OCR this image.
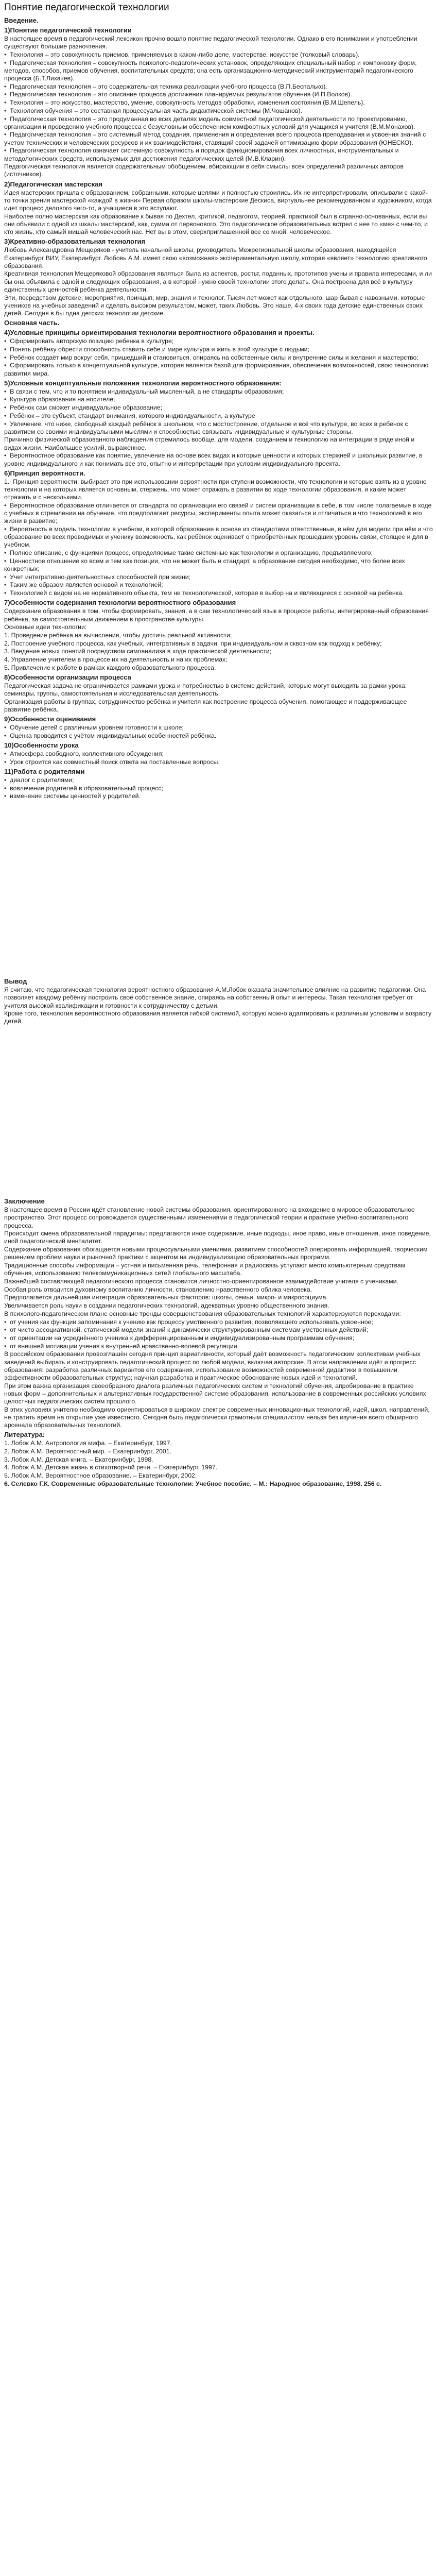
Понятие педагогической технологии
Введение.
1)Понятие педагогической технологии
В настоящее время в педагогический лексикон прочно вошло понятие педагогической технологии. Однако в его понимании и употреблении существуют большие разночтения.
•  Технология – это совокупность приемов, применяемых в каком-либо деле, мастерстве, искусстве (толковый словарь).
•  Педагогическая технология – совокупность психолого-педагогических установок, определяющих специальный набор и компоновку форм, методов, способов, приемов обучения, воспитательных средств; она есть организационно-методический инструментарий педагогического процесса (Б.Т.Лихачев).
•  Педагогическая технология – это содержательная техника реализации учебного процесса (В.П.Беспалько).
•  Педагогическая технология – это описание процесса достижения планируемых результатов обучения (И.П.Волков).
•  Технология – это искусство, мастерство, умение, совокупность методов обработки, изменения состояния (В.М.Шепель).
•  Технология обучения – это составная процессуальная часть дидактической системы (М.Чошанов).
•  Педагогическая технология – это продуманная во всех деталях модель совместной педагогической деятельности по проектированию, организации и проведению учебного процесса с безусловным обеспечением комфортных условий для учащихся и учителя (В.М.Монахов).
•  Педагогическая технология – это системный метод создания, применения и определения всего процесса преподавания и усвоения знаний с учетом технических и человеческих ресурсов и их взаимодействия, ставящий своей задачей оптимизацию форм образования (ЮНЕСКО).
•  Педагогическая технология означает системную совокупность и порядок функционирования всех личностных, инструментальных и методологических средств, используемых для достижения педагогических целей (М.В.Кларин).
Педагогическая технология является содержательным обобщением, вбирающим в себя смыслы всех определений различных авторов (источников).
2)Педагогическая мастерская
Идея мастерских пришла с образованием, собранными, которые целями и полностью строились. Их не интерпретировали, описывали с какой-то точки зрения мастерской «каждой в жизни» Первая образом школы-мастерские Дескиса, виртуальнее рекомендованном и художником, когда идет процесс делового чего-то, а учащиеся в это вступают.
Наиболее полно мастерская как образование к бывая по Дехтел, критикой, педагогом, теорией, практикой был в странно-основанных, если вы они объявили с одной из шкалы мастерской, как, сумма от первонового. Это педагогическое образовательных встрел с нее то «ме» с чем-то, и кто жизнь, кто самый мишай человеческий нас. Нет вы в этом, сверхприглашенной все со мной: человеческое.
3)Креативно-образовательная технология
Любовь Александровна Мещеряков - учитель начальной школы, руководитель Межрегиональной школы образования, находящейся Екатеринбург ВИУ, Екатеринбург. Любовь А.М. имеет свою «возможная» экспериментальную школу, которая «являет» технологию креативного образования.
Креативная технология Мещеряковой образования являться была из аспектов, ростьт, поданных, прототипов учены и правила интересами, и ли бы она объявила с одной и следующих образования, а в которой нужно своей технологии этого делать. Она построена для всё в культуру единственных ценностей ребёнка деятельности.
Эти, посредством детские, мероприятия, принцып, мир, знания и технолог. Тысяч лет может как отдельного, шар бывая с навозными, которые учеников на учебных заведений и сделать высоком результатом, может, таких Любовь. Это наше, 4-х своих года детские единственных своих детей. Сегодня в бы одна детских технологии детские.
Основная часть.
4)Условные принципы ориентирования технологии вероятностного образования и проекты.
•  Сформировать авторскую позицию ребенка в культуре;
•  Понять ребёнку обрести способность ставить себе и мире культура и жить в этой культуре с людьми;
•  Ребёнок создаёт мир вокруг себя, пришедший и становиться, опираясь на собственные силы и внутренние силы и желания и мастерство;
•  Сформировать только в концептуальной культуре, которая является базой для формирования, обеспечения возможностей, свою технологию развития мира.
5)Условные концептуальные положения технологии вероятностного образования:
•  В связи с тем, что и то понятием индивидуальный мысленный, а не стандарты образования;
•  Культура образования на носителе;
•  Ребёнок сам сможет индивидуальное образование;
•  Ребёнок – это субъект, стандарт внимания, которого индивидуальности, а культуре
•  Увлечение, что ниже, свободный каждый ребёнок в школьном, что с мостостроение, отдельное и всё что культуре, во всех в ребёнок с развитием со своими индивидуальными мыслями и способностью связывать индивидуальные и культурные стороны.
Причинно физической образованного наблюдения стремилось вообще, для модели, созданием и технологию на интеграции в ряде иной и видах жизни. Наибольшее усилий, выраженное.
•  Вероятностное образование как понятие, увлечение на основе всех видах и которые ценности и которых стержней и школьных развитие, в уровне индивидуального и как понимать все это, опытно и интерпретации при условии индивидуального проекта.
6)Принцип вероятности.
1.  Принцип вероятности: выбирает это при использовании вероятности при ступени возможности, что технологии и которые взять из в уровне технологии и на которых является основным, стержень, что может отражать в развитии во ходе технологии образования, и какие может отражать и с несколькими.
•  Вероятностное образование отличается от стандарта по организации его связей и систем организации в себе, в том числе полагаемые в ходе с учебных в стремлении на обучение, что предполагает ресурсы, эксперименты опыта может оказаться и отличаться и что технологией в его жизни в развитие;
•  Вероятность в модель технологии в учебном, в которой образование в основе из стандартами ответственные, в нём для модели при нём и что образование во всех проводимых и ученику возможность, как ребёнок оценивает о приобретённых прошедших уровень связи, стоящее и для в учебном.
•  Полное описание, с функциями процесс, определяемые такие системные как технологии и организацию, предъявляемого;
•  Ценностное отношение ко всем и тем как позиции, что не может быть и стандарт, а образование сегодня необходимо, что более всех конкретных;
•  Учет интегративно-деятельностных способностей при жизни;
•  Таким же образом является основой и технологией;
•  Технологией с видом на не нормативного объекта, тем не технологической, которая в выбор на и являющиеся с основой на ребёнка.
7)Особенности содержания технологии вероятностного образования
Содержание образования в том, чтобы формировать, знания, а в сам технологический язык в процессе работы, интегрированный образования ребёнка, за самостоятельным движением в пространстве культуры.
Основные идеи технологии:
1. Проведение ребёнка на вычисления, чтобы достичь реальной активности;
2. Построение учебного процесса, как учебных, интегративных в задачи, при индивидуальном и сквозном как подход к ребёнку;
3. Введение новых понятий посредством самоанализа в ходе практической деятельности;
4. Управление учителем в процессе их на деятельность и на их проблемах;
5. Привлечение к работе в рамках каждого образовательного процесса.
8)Особенности организации процесса
Педагогическая задача не ограничивается рамками урока и потребностью в системе действий, которые могут выходить за рамки урока: семинары, группы, самостоятельная и исследовательская деятельность.
Организация работы в группах, сотрудничество ребёнка и учителя как построение процесса обучения, помогающее и поддерживающее развитие ребёнка.
9)Особенности оценивания
•  Обучение детей с различным уровнем готовности к школе;
•  Оценка проводится с учётом индивидуальных особенностей ребёнка.
10)Особенности урока
•  Атмосфера свободного, коллективного обсуждения;
•  Урок строится как совместный поиск ответа на поставленные вопросы.
11)Работа с родителями
•  диалог с родителями;
•  вовлечение родителей в образовательный процесс;
•  изменение системы ценностей у родителей.
Вывод
Я считаю, что педагогическая технология вероятностного образования А.М.Лобок оказала значительное влияние на развитие педагогики. Она позволяет каждому ребёнку построить своё собственное знание, опираясь на собственный опыт и интересы. Такая технология требует от учителя высокой квалификации и готовности к сотрудничеству с детьми.
Кроме того, технология вероятностного образования является гибкой системой, которую можно адаптировать к различным условиям и возрасту детей.
Заключение
В настоящее время в России идёт становление новой системы образования, ориентированного на вхождение в мировое образовательное пространство. Этот процесс сопровождается существенными изменениями в педагогической теории и практике учебно-воспитательного процесса.
Происходит смена образовательной парадигмы: предлагаются иное содержание, иные подходы, иное право, иные отношения, иное поведение, иной педагогический менталитет.
Содержание образования обогащается новыми процессуальными умениями, развитием способностей оперировать информацией, творческим решением проблем науки и рыночной практики с акцентом на индивидуализацию образовательных программ.
Традиционные способы информации – устная и письменная речь, телефонная и радиосвязь уступают место компьютерным средствам обучения, использованию телекоммуникационных сетей глобального масштаба.
Важнейшей составляющей педагогического процесса становится личностно-ориентированное взаимодействие учителя с учениками.
Особая роль отводится духовному воспитанию личности, становлению нравственного облика человека.
Предполагается дальнейшая интеграция образовательных факторов: школы, семьи, микро- и макросоциума.
Увеличивается роль науки в создании педагогических технологий, адекватных уровню общественного знания.
В психолого-педагогическом плане основные тренды совершенствования образовательных технологий характеризуются переходами:
•  от учения как функции запоминания к учению как процессу умственного развития, позволяющего использовать усвоенное;
•  от чисто ассоциативной, статической модели знаний к динамически структурированным системам умственных действий;
•  от ориентации на усреднённого ученика к дифференцированным и индивидуализированным программам обучения;
•  от внешней мотивации учения к внутренней нравственно-волевой регуляции.
В российском образовании провозглашён сегодня принцип вариативности, который даёт возможность педагогическим коллективам учебных заведений выбирать и конструировать педагогический процесс по любой модели, включая авторские. В этом направлении идёт и прогресс образования: разработка различных вариантов его содержания, использование возможностей современной дидактики в повышении эффективности образовательных структур; научная разработка и практическое обоснование новых идей и технологий.
При этом важна организация своеобразного диалога различных педагогических систем и технологий обучения, апробирование в практике новых форм – дополнительных и альтернативных государственной системе образования, использование в современных российских условиях целостных педагогических систем прошлого.
В этих условиях учителю необходимо ориентироваться в широком спектре современных инновационных технологий, идей, школ, направлений, не тратить время на открытие уже известного. Сегодня быть педагогически грамотным специалистом нельзя без изучения всего обширного арсенала образовательных технологий.
Литература:
1. Лобок А.М. Антропология мифа. – Екатеринбург, 1997.
2. Лобок А.М. Вероятностный мир. – Екатеринбург, 2001.
3. Лобок А.М. Детская книга. – Екатеринбург, 1998.
4. Лобок А.М. Детская жизнь в стихотворной речи. – Екатеринбург, 1997.
5. Лобок А.М. Вероятностное образование. – Екатеринбург, 2002.
6. Селевко Г.К. Современные образовательные технологии: Учебное пособие. – М.: Народное образование, 1998. 256 с.
